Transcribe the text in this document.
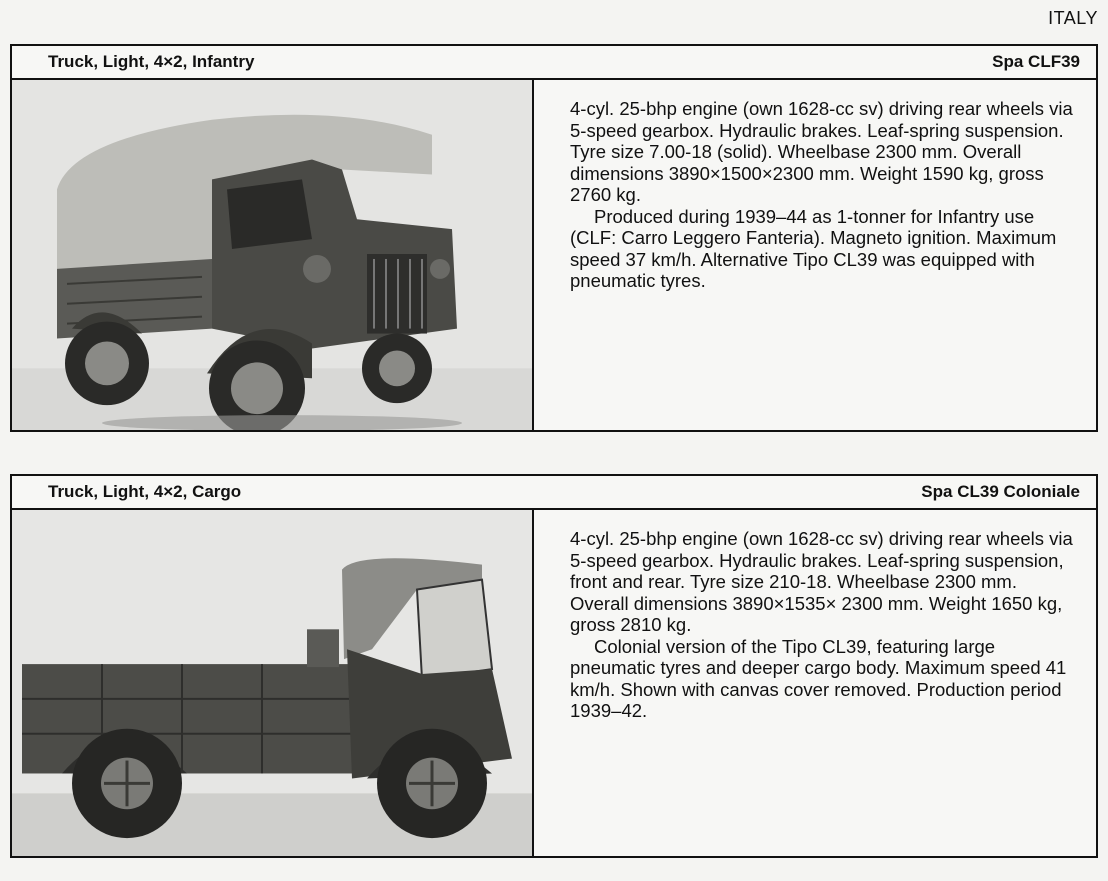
ITALY
Truck, Light, 4×2, Infantry	Spa CLF39

4-cyl. 25-bhp engine (own 1628-cc sv) driving rear wheels via 5-speed gearbox. Hydraulic brakes. Leaf-spring suspension. Tyre size 7.00-18 (solid). Wheelbase 2300 mm. Overall dimensions 3890×1500×2300 mm. Weight 1590 kg, gross 2760 kg.

Produced during 1939–44 as 1-tonner for Infantry use (CLF: Carro Leggero Fanteria). Magneto ignition. Maximum speed 37 km/h. Alternative Tipo CL39 was equipped with pneumatic tyres.

Truck, Light, 4×2, Cargo	Spa CL39 Coloniale

4-cyl. 25-bhp engine (own 1628-cc sv) driving rear wheels via 5-speed gearbox. Hydraulic brakes. Leaf-spring suspension, front and rear. Tyre size 210-18. Wheelbase 2300 mm. Overall dimensions 3890×1535× 2300 mm. Weight 1650 kg, gross 2810 kg.

Colonial version of the Tipo CL39, featuring large pneumatic tyres and deeper cargo body. Maximum speed 41 km/h. Shown with canvas cover removed. Production period 1939–42.
